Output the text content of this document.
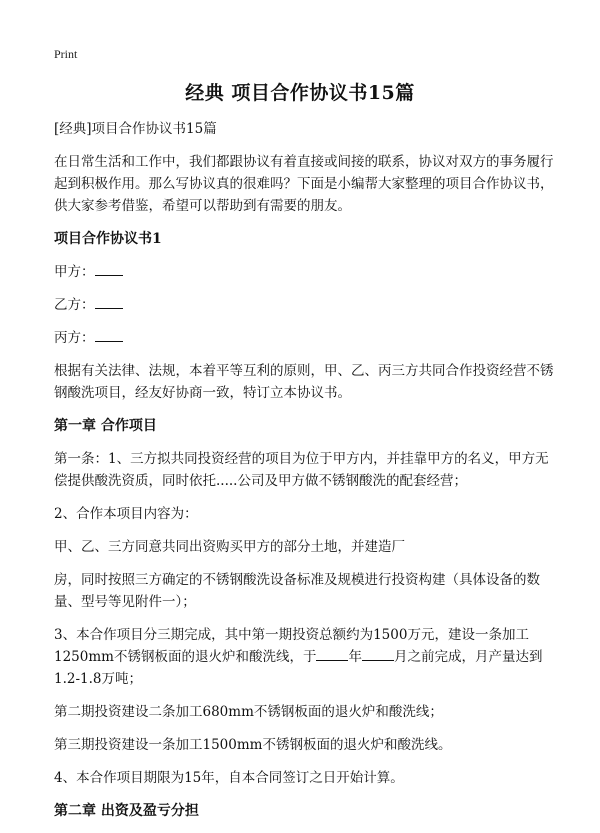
Print
经典 项目合作协议书15篇

[经典]项目合作协议书15篇

在日常生活和工作中，我们都跟协议有着直接或间接的联系，协议对双方的事务履行起到积极作用。那么写协议真的很难吗？下面是小编帮大家整理的项目合作协议书，供大家参考借鉴，希望可以帮助到有需要的朋友。

项目合作协议书1

甲方：

乙方：

丙方：

根据有关法律、法规，本着平等互利的原则，甲、乙、丙三方共同合作投资经营不锈钢酸洗项目，经友好协商一致，特订立本协议书。

第一章 合作项目

第一条：1、三方拟共同投资经营的项目为位于甲方内，并挂靠甲方的名义，甲方无偿提供酸洗资质，同时依托.....公司及甲方做不锈钢酸洗的配套经营；

2、合作本项目内容为：

甲、乙、三方同意共同出资购买甲方的部分土地，并建造厂

房，同时按照三方确定的不锈钢酸洗设备标准及规模进行投资构建（具体设备的数量、型号等见附件一）；

3、本合作项目分三期完成，其中第一期投资总额约为1500万元，建设一条加工1250mm不锈钢板面的退火炉和酸洗线，于 年 月之前完成，月产量达到1.2-1.8万吨；

第二期投资建设二条加工680mm不锈钢板面的退火炉和酸洗线；

第三期投资建设一条加工1500mm不锈钢板面的退火炉和酸洗线。

4、本合作项目期限为15年，自本合同签订之日开始计算。

第二章 出资及盈亏分担
